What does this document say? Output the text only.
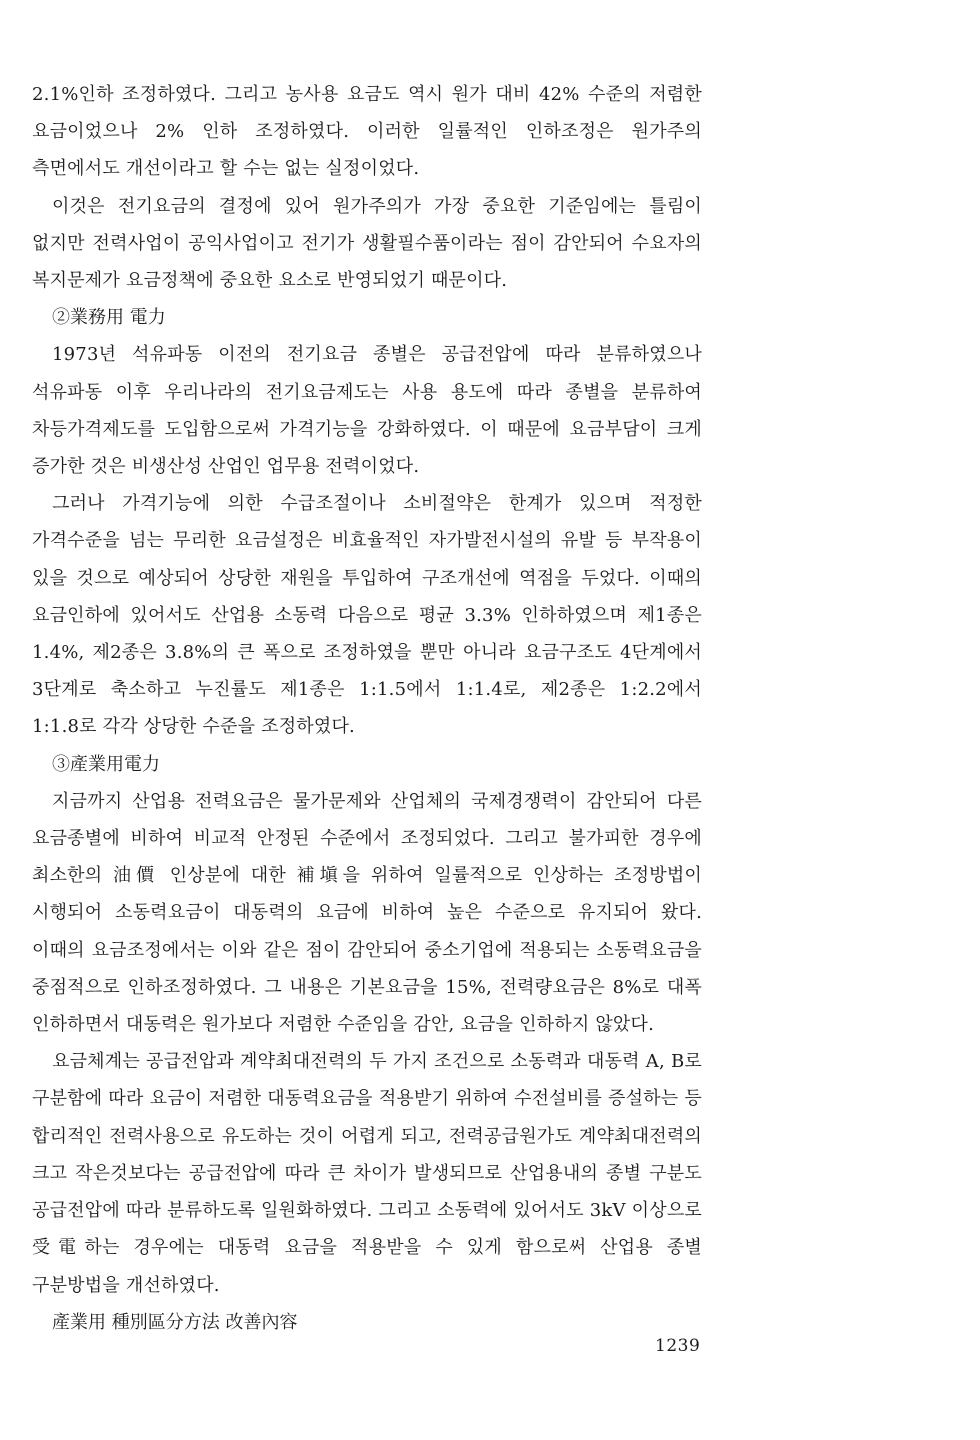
2.1%인하 조정하였다. 그리고 농사용 요금도 역시 원가 대비 42% 수준의 저렴한 요금이었으나 2% 인하 조정하였다. 이러한 일률적인 인하조정은 원가주의 측면에서도 개선이라고 할 수는 없는 실정이었다.

이것은 전기요금의 결정에 있어 원가주의가 가장 중요한 기준임에는 틀림이 없지만 전력사업이 공익사업이고 전기가 생활필수품이라는 점이 감안되어 수요자의 복지문제가 요금정책에 중요한 요소로 반영되었기 때문이다.

②業務用 電力

1973년 석유파동 이전의 전기요금 종별은 공급전압에 따라 분류하였으나 석유파동 이후 우리나라의 전기요금제도는 사용 용도에 따라 종별을 분류하여 차등가격제도를 도입함으로써 가격기능을 강화하였다. 이 때문에 요금부담이 크게 증가한 것은 비생산성 산업인 업무용 전력이었다.

그러나 가격기능에 의한 수급조절이나 소비절약은 한계가 있으며 적정한 가격수준을 넘는 무리한 요금설정은 비효율적인 자가발전시설의 유발 등 부작용이 있을 것으로 예상되어 상당한 재원을 투입하여 구조개선에 역점을 두었다. 이때의 요금인하에 있어서도 산업용 소동력 다음으로 평균 3.3% 인하하였으며 제1종은 1.4%, 제2종은 3.8%의 큰 폭으로 조정하였을 뿐만 아니라 요금구조도 4단계에서 3단계로 축소하고 누진률도 제1종은 1:1.5에서 1:1.4로, 제2종은 1:2.2에서 1:1.8로 각각 상당한 수준을 조정하였다.

③產業用電力

지금까지 산업용 전력요금은 물가문제와 산업체의 국제경쟁력이 감안되어 다른 요금종별에 비하여 비교적 안정된 수준에서 조정되었다. 그리고 불가피한 경우에 최소한의 油價 인상분에 대한 補塡을 위하여 일률적으로 인상하는 조정방법이 시행되어 소동력요금이 대동력의 요금에 비하여 높은 수준으로 유지되어 왔다. 이때의 요금조정에서는 이와 같은 점이 감안되어 중소기업에 적용되는 소동력요금을 중점적으로 인하조정하였다. 그 내용은 기본요금을 15%, 전력량요금은 8%로 대폭 인하하면서 대동력은 원가보다 저렴한 수준임을 감안, 요금을 인하하지 않았다.

요금체계는 공급전압과 계약최대전력의 두 가지 조건으로 소동력과 대동력 A, B로 구분함에 따라 요금이 저렴한 대동력요금을 적용받기 위하여 수전설비를 증설하는 등 합리적인 전력사용으로 유도하는 것이 어렵게 되고, 전력공급원가도 계약최대전력의 크고 작은것보다는 공급전압에 따라 큰 차이가 발생되므로 산업용내의 종별 구분도 공급전압에 따라 분류하도록 일원화하였다. 그리고 소동력에 있어서도 3kV 이상으로 受電하는 경우에는 대동력 요금을 적용받을 수 있게 함으로써 산업용 종별 구분방법을 개선하였다.

產業用 種別區分方法 改善內容

1239
